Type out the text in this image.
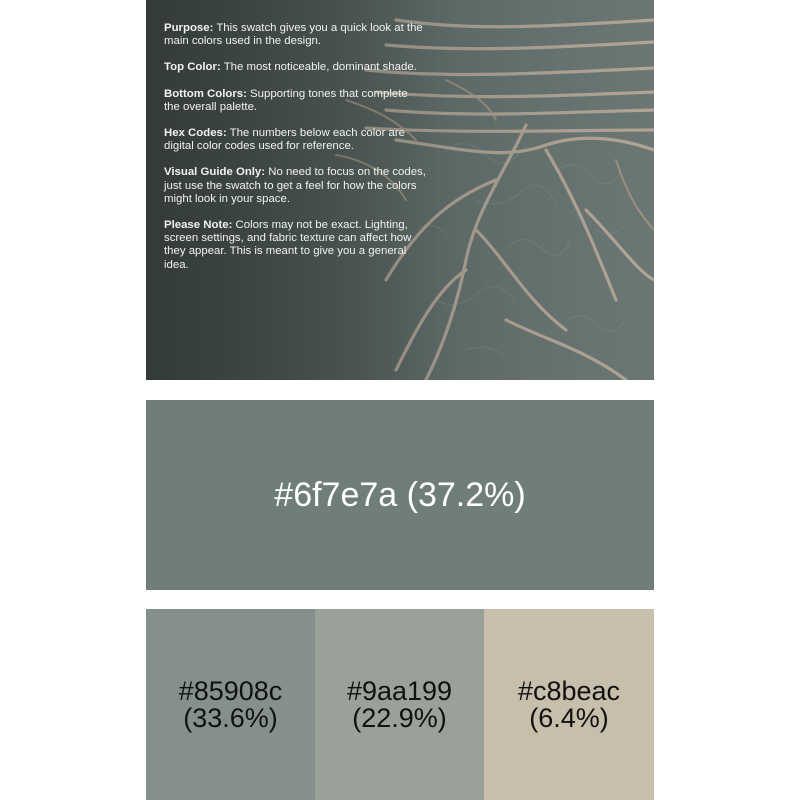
Purpose: This swatch gives you a quick look at the main colors used in the design.

Top Color: The most noticeable, dominant shade.

Bottom Colors: Supporting tones that complete the overall palette.

Hex Codes: The numbers below each color are digital color codes used for reference.

Visual Guide Only: No need to focus on the codes, just use the swatch to get a feel for how the colors might look in your space.

Please Note: Colors may not be exact. Lighting, screen settings, and fabric texture can affect how they appear. This is meant to give you a general idea.

#6f7e7a (37.2%)
#85908c
(33.6%)
#9aa199
(22.9%)
#c8beac
(6.4%)
